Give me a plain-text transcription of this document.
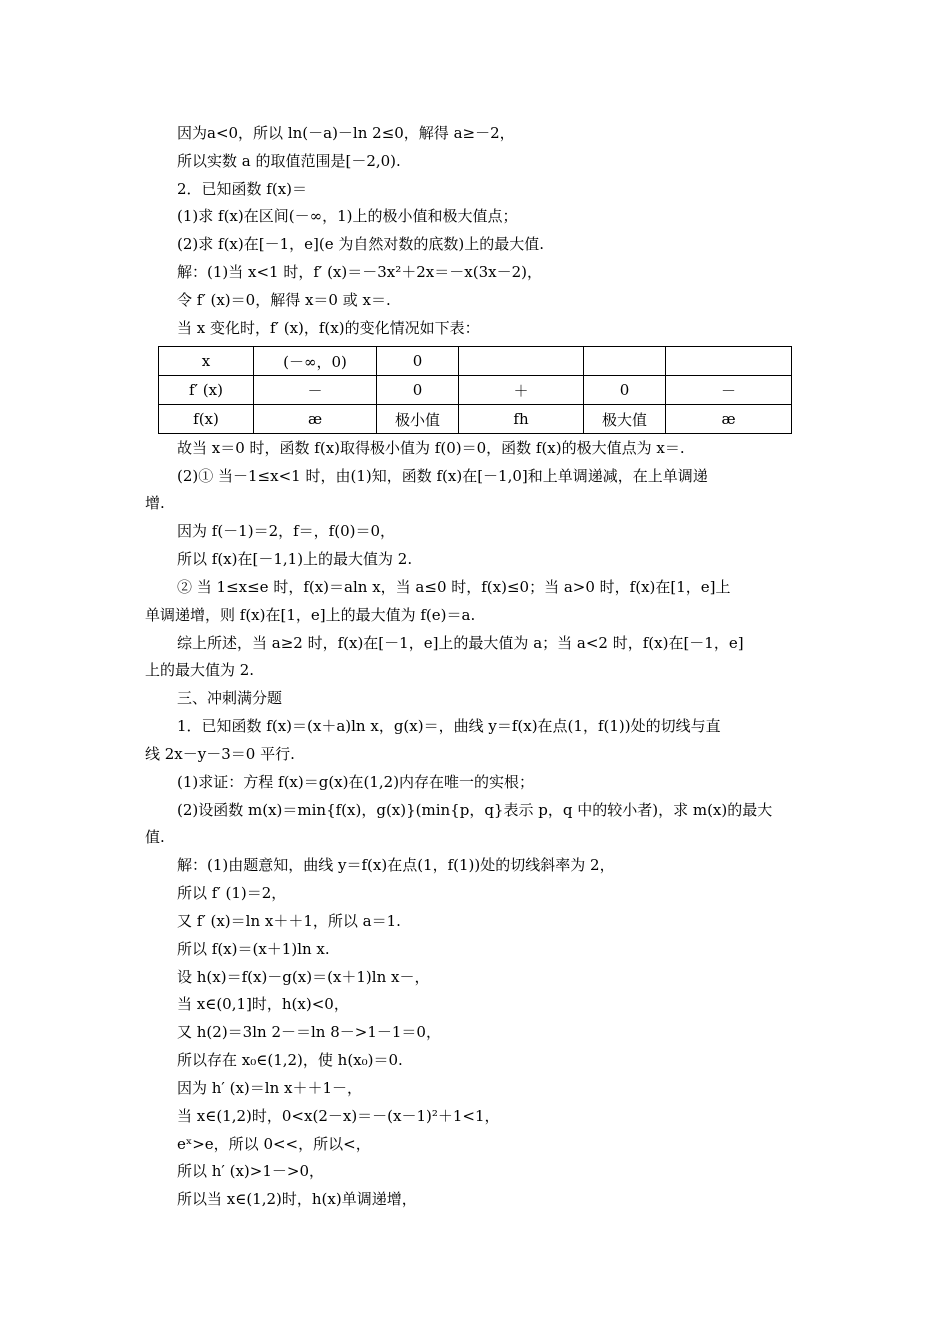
因为a<0，所以 ln(－a)－ln 2≤0，解得 a≥－2，
所以实数 a 的取值范围是[－2,0).
2．已知函数 f(x)＝
(1)求 f(x)在区间(－∞，1)上的极小值和极大值点；
(2)求 f(x)在[－1，e](e 为自然对数的底数)上的最大值.
解：(1)当 x<1 时，f′ (x)＝－3x²＋2x＝－x(3x－2)，
令 f′ (x)＝0，解得 x＝0 或 x＝.
当 x 变化时，f′ (x)，f(x)的变化情况如下表：
x	(－∞，0)	0			
f′ (x)	－	0	＋	0	－
f(x)	æ	极小值	fh	极大值	æ
故当 x＝0 时，函数 f(x)取得极小值为 f(0)＝0，函数 f(x)的极大值点为 x＝.
(2)① 当－1≤x<1 时，由(1)知，函数 f(x)在[－1,0]和上单调递减，在上单调递
增.
因为 f(－1)＝2，f＝，f(0)＝0，
所以 f(x)在[－1,1)上的最大值为 2.
② 当 1≤x≤e 时，f(x)＝aln x，当 a≤0 时，f(x)≤0；当 a>0 时，f(x)在[1，e]上
单调递增，则 f(x)在[1，e]上的最大值为 f(e)＝a.
综上所述，当 a≥2 时，f(x)在[－1，e]上的最大值为 a；当 a<2 时，f(x)在[－1，e]
上的最大值为 2.
三、冲刺满分题
1．已知函数 f(x)＝(x＋a)ln x，g(x)＝，曲线 y＝f(x)在点(1，f(1))处的切线与直
线 2x－y－3＝0 平行.
(1)求证：方程 f(x)＝g(x)在(1,2)内存在唯一的实根；
(2)设函数 m(x)＝min{f(x)，g(x)}(min{p，q}表示 p，q 中的较小者)，求 m(x)的最大
值.
解：(1)由题意知，曲线 y＝f(x)在点(1，f(1))处的切线斜率为 2，
所以 f′ (1)＝2，
又 f′ (x)＝ln x＋＋1，所以 a＝1.
所以 f(x)＝(x＋1)ln x.
设 h(x)＝f(x)－g(x)＝(x＋1)ln x－，
当 x∈(0,1]时，h(x)<0，
又 h(2)＝3ln 2－＝ln 8－>1－1＝0，
所以存在 x₀∈(1,2)，使 h(x₀)＝0.
因为 h′ (x)＝ln x＋＋1－，
当 x∈(1,2)时，0<x(2－x)＝－(x－1)²＋1<1，
eˣ>e，所以 0<<，所以<，
所以 h′ (x)>1－>0，
所以当 x∈(1,2)时，h(x)单调递增，
